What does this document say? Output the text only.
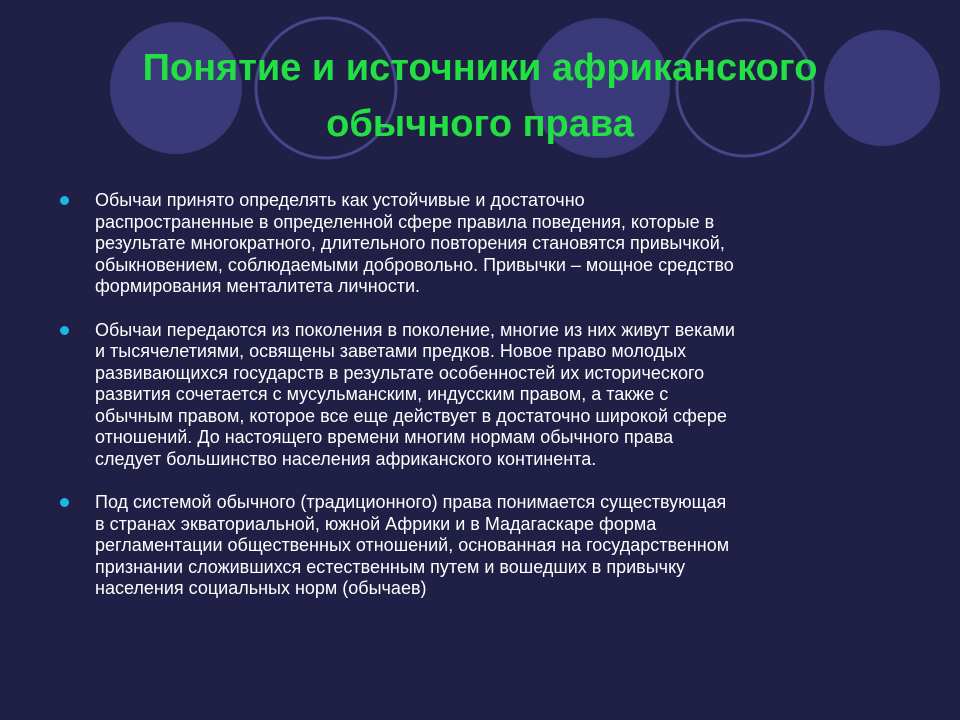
Понятие и источники африканского
обычного права
Обычаи принято определять как устойчивые и достаточно
распространенные в определенной сфере правила поведения, которые в
результате многократного, длительного повторения становятся привычкой,
обыкновением, соблюдаемыми добровольно. Привычки – мощное средство
формирования менталитета личности.
Обычаи передаются из поколения в поколение, многие из них живут веками
и тысячелетиями, освящены заветами предков. Новое право молодых
развивающихся государств в результате особенностей их исторического
развития сочетается с мусульманским, индусским правом, а также с
обычным правом, которое все еще действует в достаточно широкой сфере
отношений. До настоящего времени многим нормам обычного права
следует большинство населения африканского континента.
Под системой обычного (традиционного) права понимается существующая
в странах экваториальной, южной Африки и в Мадагаскаре форма
регламентации общественных отношений, основанная на государственном
признании сложившихся естественным путем и вошедших в привычку
населения социальных норм (обычаев)
